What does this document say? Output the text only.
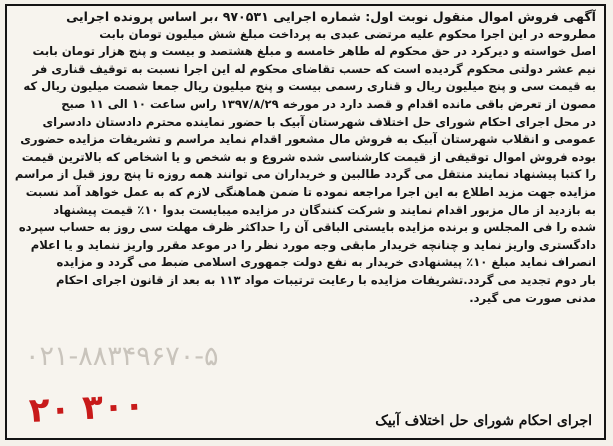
۰۲۱-۸۸۳۴۹۶۷۰-۵
آگهی فروش اموال منقول نوبت اول: شماره اجرایی ۹۷۰۵۳۱ ،بر اساس پرونده اجرایی
مطروحه در این اجرا محکوم علیه مرتضی عبدی به پرداخت مبلغ شش میلیون تومان بابت
اصل خواسته و دیرکرد در حق محکوم له طاهر خامسه و مبلغ هشتصد و بیست و پنج هزار تومان بابت
نیم عشر دولتی محکوم گردیده است که حسب تقاضای محکوم له این اجرا نسبت به توقیف قناری فر
به قیمت سی و پنج میلیون ریال و قناری رسمی بیست و پنج میلیون ریال جمعا شصت میلیون ریال که
مصون از تعرض باقی مانده اقدام و قصد دارد در مورخه ۱۳۹۷/۸/۲۹ راس ساعت ۱۰ الی ۱۱ صبح
در محل اجرای احکام شورای حل اختلاف شهرستان آبیک با حضور نماینده محترم دادستان دادسرای
عمومی و انقلاب شهرستان آبیک به فروش مال مشعور اقدام نماید مراسم و تشریفات مزایده حضوری
بوده فروش اموال توقیفی از قیمت کارشناسی شده شروع و به شخص و یا اشخاص که بالاترین قیمت
را کتبا پیشنهاد نمایند منتقل می گردد طالبین و خریداران می توانند همه روزه تا پنج روز قبل از مراسم
مزایده جهت مزید اطلاع به این اجرا مراجعه نموده تا ضمن هماهنگی لازم که به عمل خواهد آمد نسبت
به بازدید از مال مزبور اقدام نمایند و شرکت کنندگان در مزایده میبایست بدوا ۱۰٪ قیمت پیشنهاد
شده را فی المجلس و برنده مزایده بایستی الباقی آن را حداکثر ظرف مهلت سی روز به حساب سپرده
دادگستری واریز نماید و چنانچه خریدار مابقی وجه مورد نظر را در موعد مقرر واریز ننماید و یا اعلام
انصراف نماید مبلغ ۱۰٪ پیشنهادی خریدار به نفع دولت جمهوری اسلامی ضبط می گردد و مزایده
بار دوم تجدید می گردد.تشریفات مزایده با رعایت ترتیبات مواد ۱۱۳ به بعد از قانون اجرای احکام
مدنی صورت می گیرد.
۲۰ ۳۰۰	اجرای احکام شورای حل اختلاف آبیک
